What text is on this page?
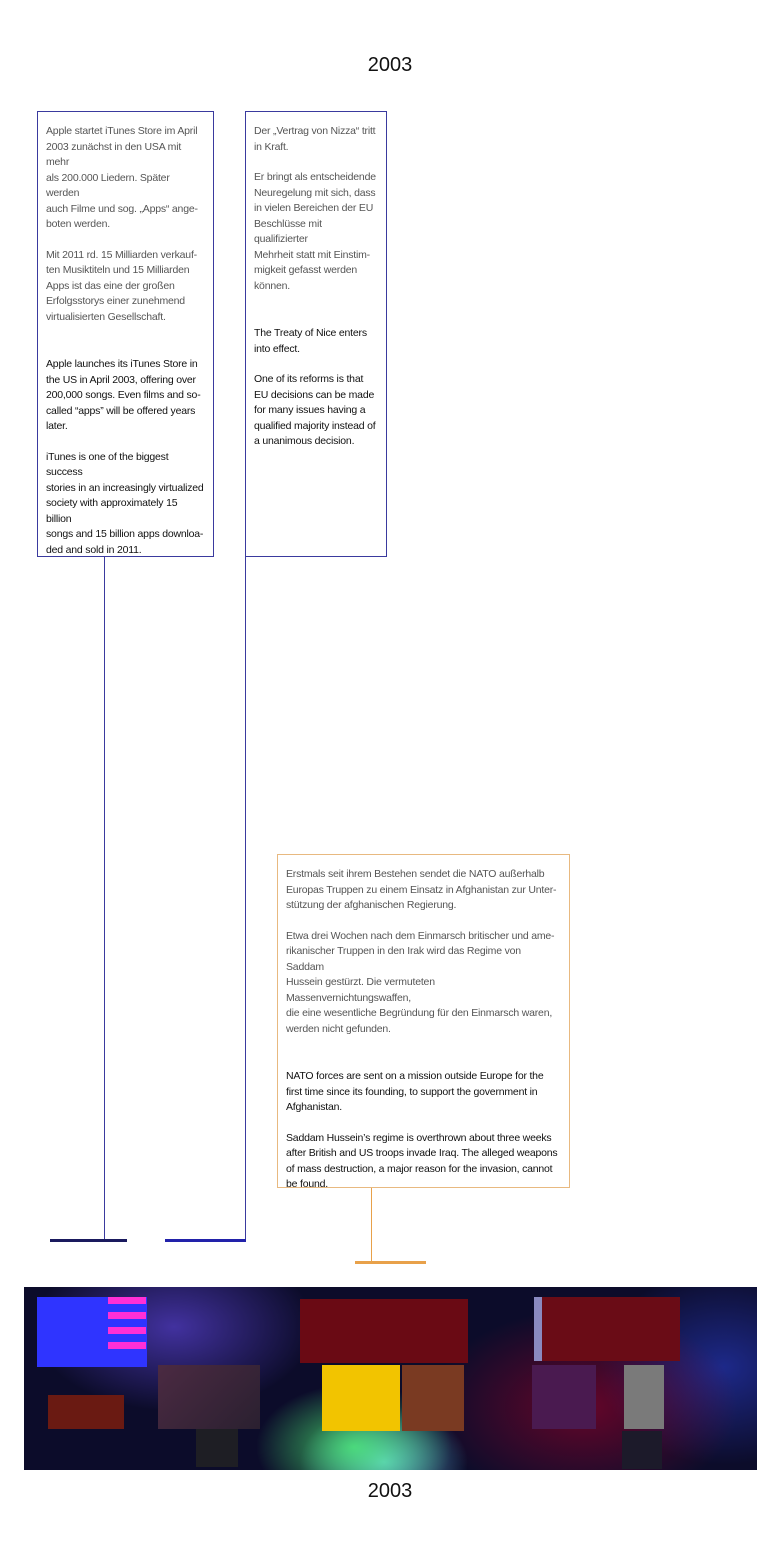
2003

Apple startet iTunes Store im April
2003 zunächst in den USA mit mehr
als 200.000 Liedern. Später werden
auch Filme und sog. „Apps“ ange-
boten werden.

Mit 2011 rd. 15 Milliarden verkauf-
ten Musiktiteln und 15 Milliarden
Apps ist das eine der großen
Erfolgsstorys einer zunehmend
virtualisierten Gesellschaft.

Apple launches its iTunes Store in
the US in April 2003, offering over
200,000 songs. Even films and so-
called “apps” will be offered years
later.

iTunes is one of the biggest success
stories in an increasingly virtualized
society with approximately 15 billion
songs and 15 billion apps downloa-
ded and sold in 2011.

Der „Vertrag von Nizza“ tritt
in Kraft.

Er bringt als entscheidende
Neuregelung mit sich, dass
in vielen Bereichen der EU
Beschlüsse mit qualifizierter
Mehrheit statt mit Einstim-
migkeit gefasst werden
können.

The Treaty of Nice enters
into effect.

One of its reforms is that
EU decisions can be made
for many issues having a
qualified majority instead of
a unanimous decision.

Erstmals seit ihrem Bestehen sendet die NATO außerhalb
Europas Truppen zu einem Einsatz in Afghanistan zur Unter-
stützung der afghanischen Regierung.

Etwa drei Wochen nach dem Einmarsch britischer und ame-
rikanischer Truppen in den Irak wird das Regime von Saddam
Hussein gestürzt. Die vermuteten Massenvernichtungswaffen,
die eine wesentliche Begründung für den Einmarsch waren,
werden nicht gefunden.

NATO forces are sent on a mission outside Europe for the
first time since its founding, to support the government in
Afghanistan.

Saddam Hussein’s regime is overthrown about three weeks
after British and US troops invade Iraq. The alleged weapons
of mass destruction, a major reason for the invasion, cannot
be found.

2003
